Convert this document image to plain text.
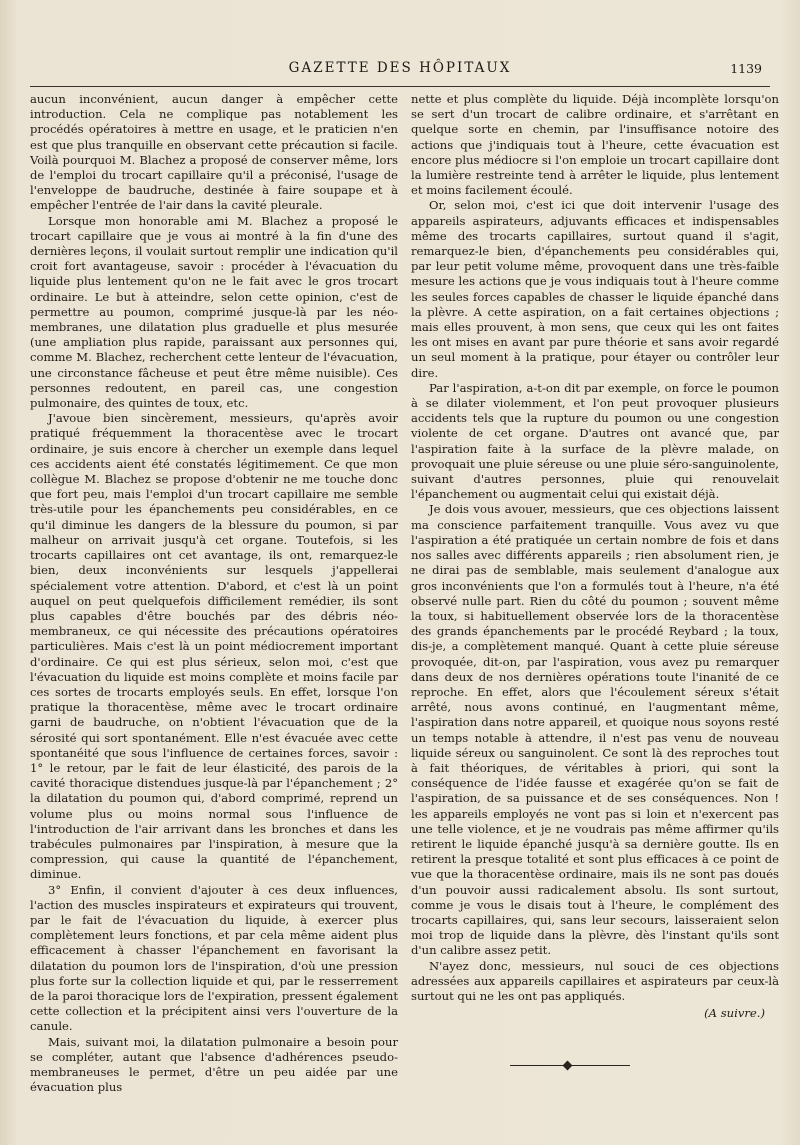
GAZETTE DES HÔPITAUX	1139

aucun inconvénient, aucun danger à empêcher cette introduction. Cela ne complique pas notablement les procédés opératoires à mettre en usage, et le praticien n'en est que plus tranquille en observant cette précaution si facile. Voilà pourquoi M. Blachez a proposé de conserver même, lors de l'emploi du trocart capillaire qu'il a préconisé, l'usage de l'enveloppe de baudruche, destinée à faire soupape et à empêcher l'entrée de l'air dans la cavité pleurale.

Lorsque mon honorable ami M. Blachez a proposé le trocart capillaire que je vous ai montré à la fin d'une des dernières leçons, il voulait surtout remplir une indication qu'il croit fort avantageuse, savoir : procéder à l'évacuation du liquide plus lentement qu'on ne le fait avec le gros trocart ordinaire. Le but à atteindre, selon cette opinion, c'est de permettre au poumon, comprimé jusque-là par les néo-membranes, une dilatation plus graduelle et plus mesurée (une ampliation plus rapide, paraissant aux personnes qui, comme M. Blachez, recherchent cette lenteur de l'évacuation, une circonstance fâcheuse et peut être même nuisible). Ces personnes redoutent, en pareil cas, une congestion pulmonaire, des quintes de toux, etc.

J'avoue bien sincèrement, messieurs, qu'après avoir pratiqué fréquemment la thoracentèse avec le trocart ordinaire, je suis encore à chercher un exemple dans lequel ces accidents aient été constatés légitimement. Ce que mon collègue M. Blachez se propose d'obtenir ne me touche donc que fort peu, mais l'emploi d'un trocart capillaire me semble très-utile pour les épanchements peu considérables, en ce qu'il diminue les dangers de la blessure du poumon, si par malheur on arrivait jusqu'à cet organe. Toutefois, si les trocarts capillaires ont cet avantage, ils ont, remarquez-le bien, deux inconvénients sur lesquels j'appellerai spécialement votre attention. D'abord, et c'est là un point auquel on peut quelquefois difficilement remédier, ils sont plus capables d'être bouchés par des débris néo-membraneux, ce qui nécessite des précautions opératoires particulières. Mais c'est là un point médiocrement important d'ordinaire. Ce qui est plus sérieux, selon moi, c'est que l'évacuation du liquide est moins complète et moins facile par ces sortes de trocarts employés seuls. En effet, lorsque l'on pratique la thoracentèse, même avec le trocart ordinaire garni de baudruche, on n'obtient l'évacuation que de la sérosité qui sort spontanément. Elle n'est évacuée avec cette spontanéité que sous l'influence de certaines forces, savoir : 1° le retour, par le fait de leur élasticité, des parois de la cavité thoracique distendues jusque-là par l'épanchement ; 2° la dilatation du poumon qui, d'abord comprimé, reprend un volume plus ou moins normal sous l'influence de l'introduction de l'air arrivant dans les bronches et dans les trabécules pulmonaires par l'inspiration, à mesure que la compression, qui cause la quantité de l'épanchement, diminue.

3° Enfin, il convient d'ajouter à ces deux influences, l'action des muscles inspirateurs et expirateurs qui trouvent, par le fait de l'évacuation du liquide, à exercer plus complètement leurs fonctions, et par cela même aident plus efficacement à chasser l'épanchement en favorisant la dilatation du poumon lors de l'inspiration, d'où une pression plus forte sur la collection liquide et qui, par le resserrement de la paroi thoracique lors de l'expiration, pressent également cette collection et la précipitent ainsi vers l'ouverture de la canule.

Mais, suivant moi, la dilatation pulmonaire a besoin pour se compléter, autant que l'absence d'adhérences pseudo-membraneuses le permet, d'être un peu aidée par une évacuation plus

nette et plus complète du liquide. Déjà incomplète lorsqu'on se sert d'un trocart de calibre ordinaire, et s'arrêtant en quelque sorte en chemin, par l'insuffisance notoire des actions que j'indiquais tout à l'heure, cette évacuation est encore plus médiocre si l'on emploie un trocart capillaire dont la lumière restreinte tend à arrêter le liquide, plus lentement et moins facilement écoulé.

Or, selon moi, c'est ici que doit intervenir l'usage des appareils aspirateurs, adjuvants efficaces et indispensables même des trocarts capillaires, surtout quand il s'agit, remarquez-le bien, d'épanchements peu considérables qui, par leur petit volume même, provoquent dans une très-faible mesure les actions que je vous indiquais tout à l'heure comme les seules forces capables de chasser le liquide épanché dans la plèvre. A cette aspiration, on a fait certaines objections ; mais elles prouvent, à mon sens, que ceux qui les ont faites les ont mises en avant par pure théorie et sans avoir regardé un seul moment à la pratique, pour étayer ou contrôler leur dire.

Par l'aspiration, a-t-on dit par exemple, on force le poumon à se dilater violemment, et l'on peut provoquer plusieurs accidents tels que la rupture du poumon ou une congestion violente de cet organe. D'autres ont avancé que, par l'aspiration faite à la surface de la plèvre malade, on provoquait une pluie séreuse ou une pluie séro-sanguinolente, suivant d'autres personnes, pluie qui renouvelait l'épanchement ou augmentait celui qui existait déjà.

Je dois vous avouer, messieurs, que ces objections laissent ma conscience parfaitement tranquille. Vous avez vu que l'aspiration a été pratiquée un certain nombre de fois et dans nos salles avec différents appareils ; rien absolument rien, je ne dirai pas de semblable, mais seulement d'analogue aux gros inconvénients que l'on a formulés tout à l'heure, n'a été observé nulle part. Rien du côté du poumon ; souvent même la toux, si habituellement observée lors de la thoracentèse des grands épanchements par le procédé Reybard ; la toux, dis-je, a complètement manqué. Quant à cette pluie séreuse provoquée, dit-on, par l'aspiration, vous avez pu remarquer dans deux de nos dernières opérations toute l'inanité de ce reproche. En effet, alors que l'écoulement séreux s'était arrêté, nous avons continué, en l'augmentant même, l'aspiration dans notre appareil, et quoique nous soyons resté un temps notable à attendre, il n'est pas venu de nouveau liquide séreux ou sanguinolent. Ce sont là des reproches tout à fait théoriques, de véritables à priori, qui sont la conséquence de l'idée fausse et exagérée qu'on se fait de l'aspiration, de sa puissance et de ses conséquences. Non ! les appareils employés ne vont pas si loin et n'exercent pas une telle violence, et je ne voudrais pas même affirmer qu'ils retirent le liquide épanché jusqu'à sa dernière goutte. Ils en retirent la presque totalité et sont plus efficaces à ce point de vue que la thoracentèse ordinaire, mais ils ne sont pas doués d'un pouvoir aussi radicalement absolu. Ils sont surtout, comme je vous le disais tout à l'heure, le complément des trocarts capillaires, qui, sans leur secours, laisseraient selon moi trop de liquide dans la plèvre, dès l'instant qu'ils sont d'un calibre assez petit.

N'ayez donc, messieurs, nul souci de ces objections adressées aux appareils capillaires et aspirateurs par ceux-là surtout qui ne les ont pas appliqués.

(A suivre.)
